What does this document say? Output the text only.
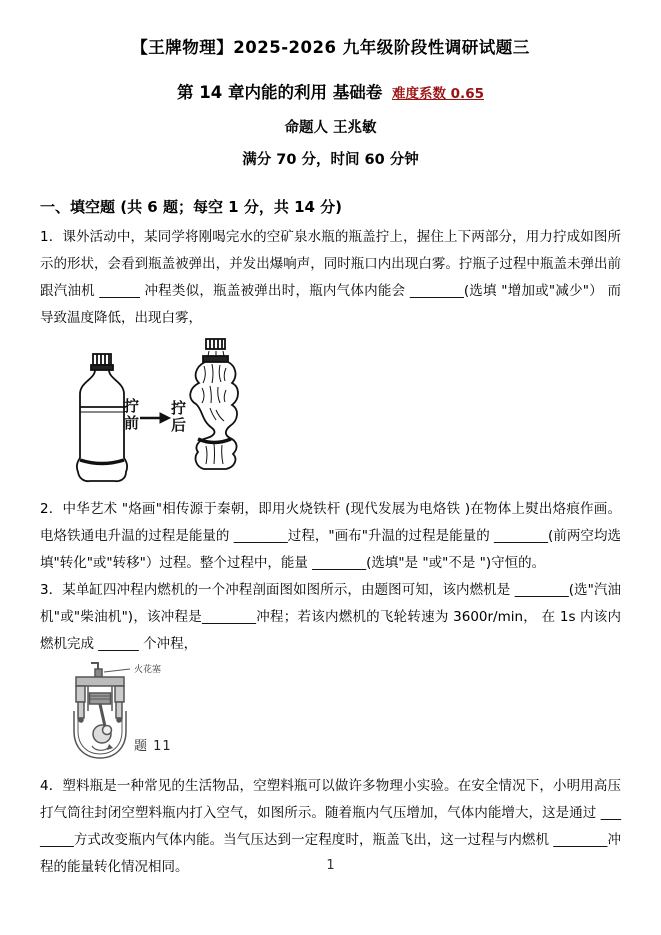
【王牌物理】2025-2026 九年级阶段性调研试题三
第 14 章内能的利用 基础卷 难度系数 0.65
命题人 王兆敏
满分 70 分，时间 60 分钟
一、填空题 (共 6 题；每空 1 分，共 14 分)

1．课外活动中，某同学将刚喝完水的空矿泉水瓶的瓶盖拧上，握住上下两部分，用力拧成如图所示的形状，会看到瓶盖被弹出，并发出爆响声，同时瓶口内出现白雾。拧瓶子过程中瓶盖未弹出前跟汽油机 ______ 冲程类似，瓶盖被弹出时，瓶内气体内能会 ________(选填 "增加或"减少"） 而导致温度降低，出现白雾，

拧前 拧后

2．中华艺术 "烙画"相传源于秦朝，即用火烧铁杆 (现代发展为电烙铁 )在物体上熨出烙痕作画。电烙铁通电升温的过程是能量的 ________过程，"画布"升温的过程是能量的 ________(前两空均选填"转化"或"转移"）过程。整个过程中，能量 ________(选填"是 "或"不是 ")守恒的。

3．某单缸四冲程内燃机的一个冲程剖面图如图所示，由题图可知，该内燃机是 ________(选"汽油机"或"柴油机")，该冲程是________冲程；若该内燃机的飞轮转速为 3600r/min， 在 1s 内该内燃机完成 ______ 个冲程，

火花塞
题 11

4．塑料瓶是一种常见的生活物品，空塑料瓶可以做许多物理小实验。在安全情况下，小明用高压打气筒往封闭空塑料瓶内打入空气，如图所示。随着瓶内气压增加，气体内能增大，这是通过 ________方式改变瓶内气体内能。当气压达到一定程度时，瓶盖飞出，这一过程与内燃机 ________冲程的能量转化情况相同。	1
